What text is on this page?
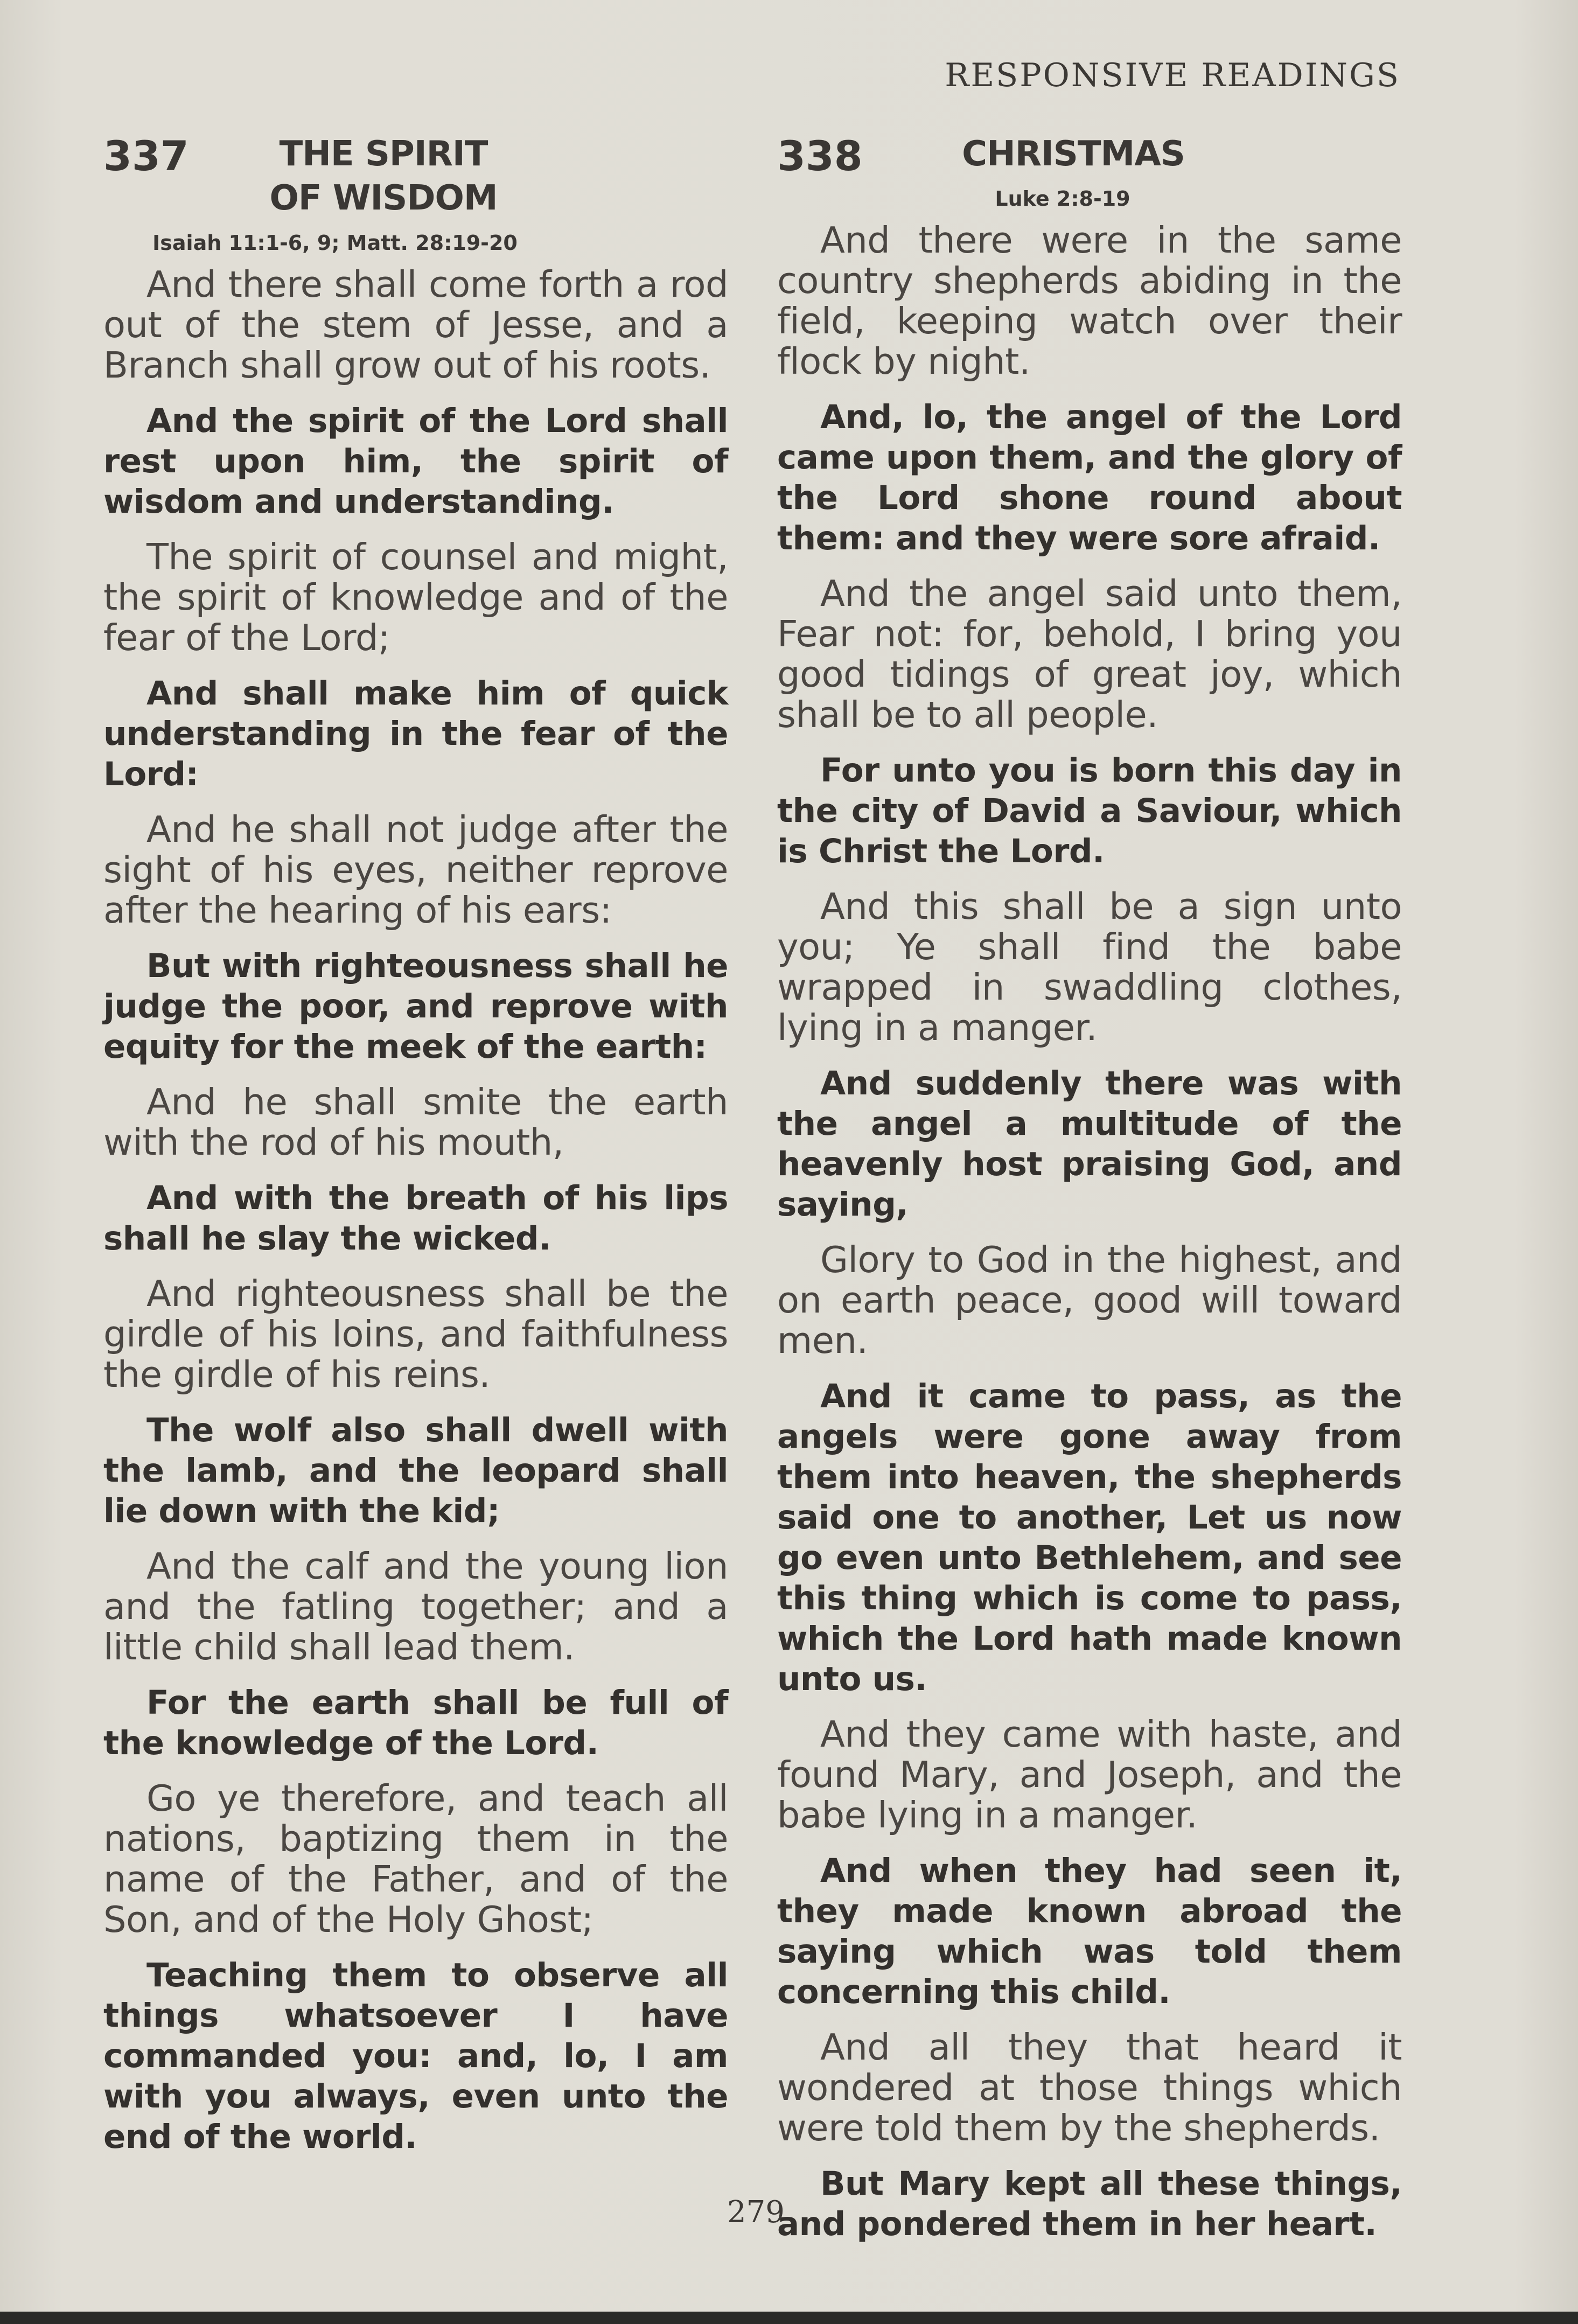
RESPONSIVE READINGS
337	THE SPIRIT OF WISDOM
Isaiah 11:1-6, 9; Matt. 28:19-20

And there shall come forth a rod out of the stem of Jesse, and a Branch shall grow out of his roots.

And the spirit of the Lord shall rest upon him, the spirit of wisdom and understanding.

The spirit of counsel and might, the spirit of knowledge and of the fear of the Lord;

And shall make him of quick understanding in the fear of the Lord:

And he shall not judge after the sight of his eyes, neither reprove after the hearing of his ears:

But with righteousness shall he judge the poor, and reprove with equity for the meek of the earth:

And he shall smite the earth with the rod of his mouth,

And with the breath of his lips shall he slay the wicked.

And righteousness shall be the girdle of his loins, and faithfulness the girdle of his reins.

The wolf also shall dwell with the lamb, and the leopard shall lie down with the kid;

And the calf and the young lion and the fatling together; and a little child shall lead them.

For the earth shall be full of the knowledge of the Lord.

Go ye therefore, and teach all nations, baptizing them in the name of the Father, and of the Son, and of the Holy Ghost;

Teaching them to observe all things whatsoever I have commanded you: and, lo, I am with you always, even unto the end of the world.

338	CHRISTMAS
Luke 2:8-19

And there were in the same country shepherds abiding in the field, keeping watch over their flock by night.

And, lo, the angel of the Lord came upon them, and the glory of the Lord shone round about them: and they were sore afraid.

And the angel said unto them, Fear not: for, behold, I bring you good tidings of great joy, which shall be to all people.

For unto you is born this day in the city of David a Saviour, which is Christ the Lord.

And this shall be a sign unto you; Ye shall find the babe wrapped in swaddling clothes, lying in a manger.

And suddenly there was with the angel a multitude of the heavenly host praising God, and saying,

Glory to God in the highest, and on earth peace, good will toward men.

And it came to pass, as the angels were gone away from them into heaven, the shepherds said one to another, Let us now go even unto Bethlehem, and see this thing which is come to pass, which the Lord hath made known unto us.

And they came with haste, and found Mary, and Joseph, and the babe lying in a manger.

And when they had seen it, they made known abroad the saying which was told them concerning this child.

And all they that heard it wondered at those things which were told them by the shepherds.

But Mary kept all these things, and pondered them in her heart.

279
